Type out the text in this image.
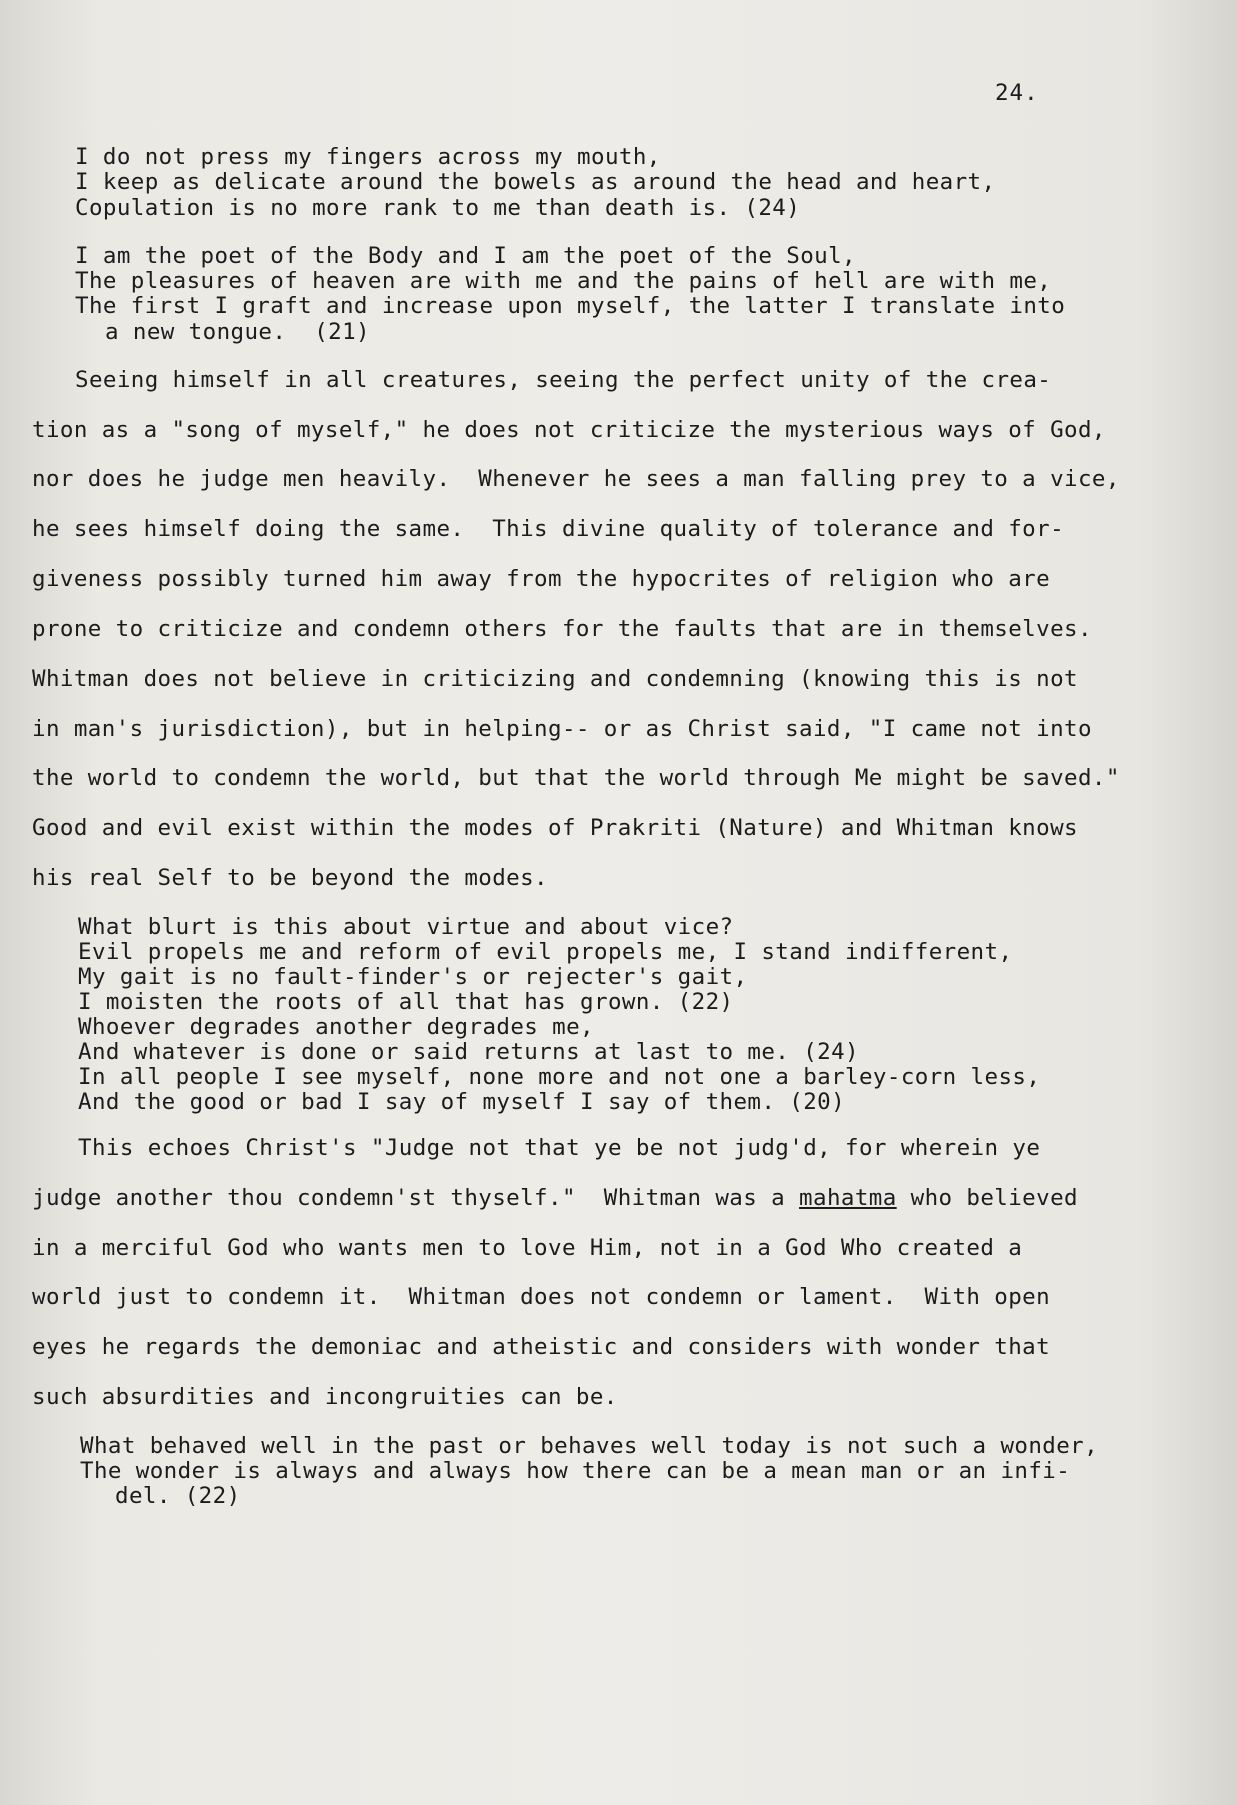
24.
I do not press my fingers across my mouth,
I keep as delicate around the bowels as around the head and heart,
Copulation is no more rank to me than death is. (24)
I am the poet of the Body and I am the poet of the Soul,
The pleasures of heaven are with me and the pains of hell are with me,
The first I graft and increase upon myself, the latter I translate into
a new tongue.  (21)
Seeing himself in all creatures, seeing the perfect unity of the crea-
tion as a "song of myself," he does not criticize the mysterious ways of God,
nor does he judge men heavily.  Whenever he sees a man falling prey to a vice,
he sees himself doing the same.  This divine quality of tolerance and for-
giveness possibly turned him away from the hypocrites of religion who are
prone to criticize and condemn others for the faults that are in themselves.
Whitman does not believe in criticizing and condemning (knowing this is not
in man's jurisdiction), but in helping-- or as Christ said, "I came not into
the world to condemn the world, but that the world through Me might be saved."
Good and evil exist within the modes of Prakriti (Nature) and Whitman knows
his real Self to be beyond the modes.
What blurt is this about virtue and about vice?
Evil propels me and reform of evil propels me, I stand indifferent,
My gait is no fault-finder's or rejecter's gait,
I moisten the roots of all that has grown. (22)
Whoever degrades another degrades me,
And whatever is done or said returns at last to me. (24)
In all people I see myself, none more and not one a barley-corn less,
And the good or bad I say of myself I say of them. (20)
This echoes Christ's "Judge not that ye be not judg'd, for wherein ye
judge another thou condemn'st thyself."  Whitman was a mahatma who believed
in a merciful God who wants men to love Him, not in a God Who created a
world just to condemn it.  Whitman does not condemn or lament.  With open
eyes he regards the demoniac and atheistic and considers with wonder that
such absurdities and incongruities can be.
What behaved well in the past or behaves well today is not such a wonder,
The wonder is always and always how there can be a mean man or an infi-
del. (22)
